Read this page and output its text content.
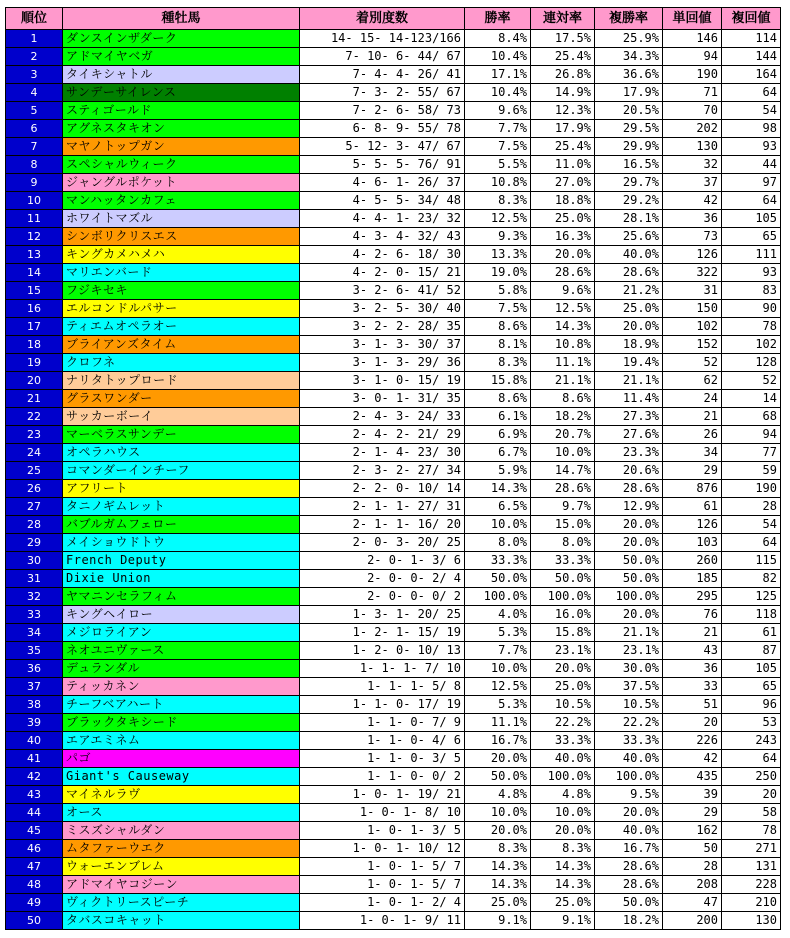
順位	種牡馬	着別度数	勝率	連対率	複勝率	単回値	複回値
1	ダンスインザダーク	14- 15- 14-123/166	8.4%	17.5%	25.9%	146	114
2	アドマイヤベガ	7- 10- 6- 44/ 67	10.4%	25.4%	34.3%	94	144
3	タイキシャトル	7- 4- 4- 26/ 41	17.1%	26.8%	36.6%	190	164
4	サンデーサイレンス	7- 3- 2- 55/ 67	10.4%	14.9%	17.9%	71	64
5	スティゴールド	7- 2- 6- 58/ 73	9.6%	12.3%	20.5%	70	54
6	アグネスタキオン	6- 8- 9- 55/ 78	7.7%	17.9%	29.5%	202	98
7	マヤノトップガン	5- 12- 3- 47/ 67	7.5%	25.4%	29.9%	130	93
8	スペシャルウィーク	5- 5- 5- 76/ 91	5.5%	11.0%	16.5%	32	44
9	ジャングルポケット	4- 6- 1- 26/ 37	10.8%	27.0%	29.7%	37	97
10	マンハッタンカフェ	4- 5- 5- 34/ 48	8.3%	18.8%	29.2%	42	64
11	ホワイトマズル	4- 4- 1- 23/ 32	12.5%	25.0%	28.1%	36	105
12	シンボリクリスエス	4- 3- 4- 32/ 43	9.3%	16.3%	25.6%	73	65
13	キングカメハメハ	4- 2- 6- 18/ 30	13.3%	20.0%	40.0%	126	111
14	マリエンバード	4- 2- 0- 15/ 21	19.0%	28.6%	28.6%	322	93
15	フジキセキ	3- 2- 6- 41/ 52	5.8%	9.6%	21.2%	31	83
16	エルコンドルパサー	3- 2- 5- 30/ 40	7.5%	12.5%	25.0%	150	90
17	ティエムオペラオー	3- 2- 2- 28/ 35	8.6%	14.3%	20.0%	102	78
18	ブライアンズタイム	3- 1- 3- 30/ 37	8.1%	10.8%	18.9%	152	102
19	クロフネ	3- 1- 3- 29/ 36	8.3%	11.1%	19.4%	52	128
20	ナリタトップロード	3- 1- 0- 15/ 19	15.8%	21.1%	21.1%	62	52
21	グラスワンダー	3- 0- 1- 31/ 35	8.6%	8.6%	11.4%	24	14
22	サッカーボーイ	2- 4- 3- 24/ 33	6.1%	18.2%	27.3%	21	68
23	マーベラスサンデー	2- 4- 2- 21/ 29	6.9%	20.7%	27.6%	26	94
24	オペラハウス	2- 1- 4- 23/ 30	6.7%	10.0%	23.3%	34	77
25	コマンダーインチーフ	2- 3- 2- 27/ 34	5.9%	14.7%	20.6%	29	59
26	アフリート	2- 2- 0- 10/ 14	14.3%	28.6%	28.6%	876	190
27	タニノギムレット	2- 1- 1- 27/ 31	6.5%	9.7%	12.9%	61	28
28	バブルガムフェロー	2- 1- 1- 16/ 20	10.0%	15.0%	20.0%	126	54
29	メイショウドトウ	2- 0- 3- 20/ 25	8.0%	8.0%	20.0%	103	64
30	French Deputy	2- 0- 1- 3/ 6	33.3%	33.3%	50.0%	260	115
31	Dixie Union	2- 0- 0- 2/ 4	50.0%	50.0%	50.0%	185	82
32	ヤマニンセラフィム	2- 0- 0- 0/ 2	100.0%	100.0%	100.0%	295	125
33	キングヘイロー	1- 3- 1- 20/ 25	4.0%	16.0%	20.0%	76	118
34	メジロライアン	1- 2- 1- 15/ 19	5.3%	15.8%	21.1%	21	61
35	ネオユニヴァース	1- 2- 0- 10/ 13	7.7%	23.1%	23.1%	43	87
36	デュランダル	1- 1- 1- 7/ 10	10.0%	20.0%	30.0%	36	105
37	ティッカネン	1- 1- 1- 5/ 8	12.5%	25.0%	37.5%	33	65
38	チーフベアハート	1- 1- 0- 17/ 19	5.3%	10.5%	10.5%	51	96
39	ブラックタキシード	1- 1- 0- 7/ 9	11.1%	22.2%	22.2%	20	53
40	エアエミネム	1- 1- 0- 4/ 6	16.7%	33.3%	33.3%	226	243
41	パゴ	1- 1- 0- 3/ 5	20.0%	40.0%	40.0%	42	64
42	Giant's Causeway	1- 1- 0- 0/ 2	50.0%	100.0%	100.0%	435	250
43	マイネルラヴ	1- 0- 1- 19/ 21	4.8%	4.8%	9.5%	39	20
44	オース	1- 0- 1- 8/ 10	10.0%	10.0%	20.0%	29	58
45	ミスズシャルダン	1- 0- 1- 3/ 5	20.0%	20.0%	40.0%	162	78
46	ムタファーウエク	1- 0- 1- 10/ 12	8.3%	8.3%	16.7%	50	271
47	ウォーエンブレム	1- 0- 1- 5/ 7	14.3%	14.3%	28.6%	28	131
48	アドマイヤコジーン	1- 0- 1- 5/ 7	14.3%	14.3%	28.6%	208	228
49	ヴィクトリースピーチ	1- 0- 1- 2/ 4	25.0%	25.0%	50.0%	47	210
50	タバスコキャット	1- 0- 1- 9/ 11	9.1%	9.1%	18.2%	200	130
